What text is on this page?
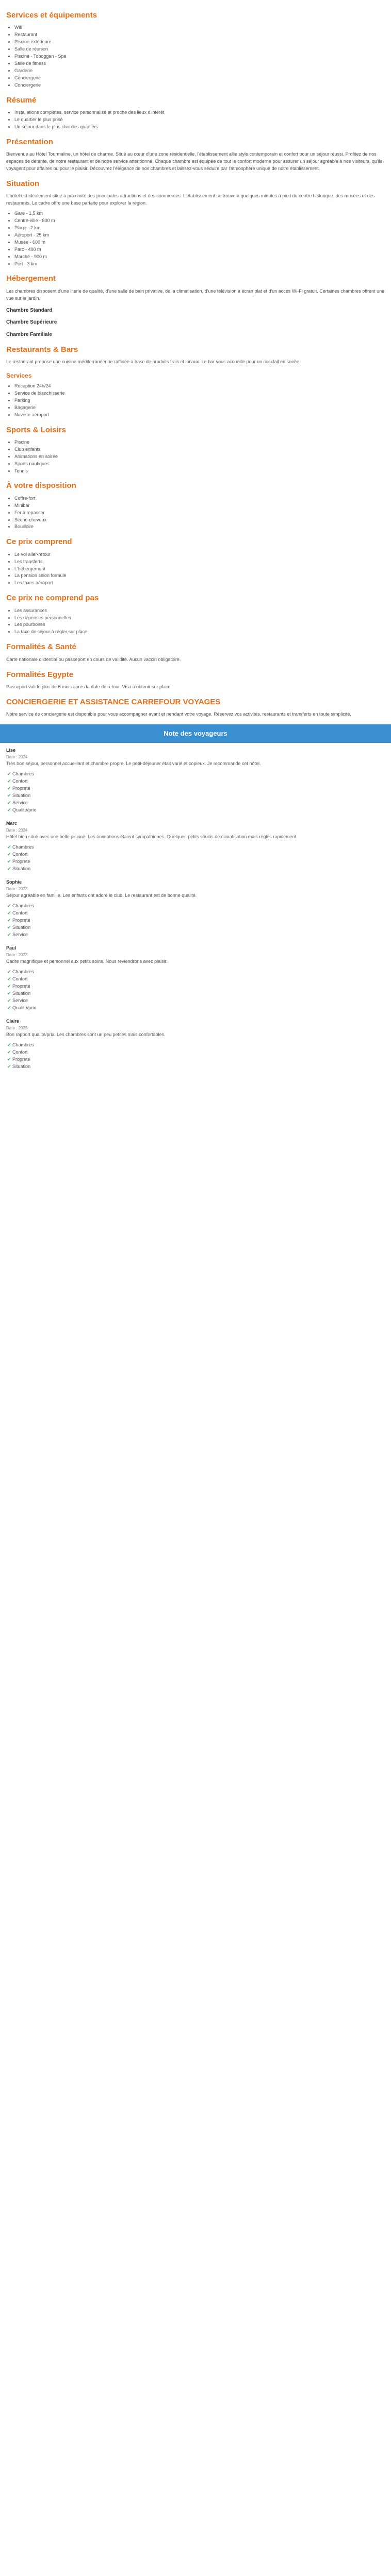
Services et équipements
• Wifi
• Restaurant
• Piscine extérieure
• Salle de réunion
• Piscine - Toboggan - Spa
• Salle de fitness
• Garderie
• Conciergerie
• Conciergerie
Résumé
• Installations complètes, service personnalisé et proche des lieux d'intérêt
• Le quartier le plus prisé
• Un séjour dans le plus chic des quartiers
Présentation

Bienvenue au Hôtel Tourmaline, un hôtel de charme. Situé au cœur d'une zone résidentielle, l'établissement allie style contemporain et confort pour un séjour réussi. Profitez de nos espaces de détente, de notre restaurant et de notre service attentionné. Chaque chambre est équipée de tout le confort moderne pour assurer un séjour agréable à nos visiteurs, qu'ils voyagent pour affaires ou pour le plaisir. Découvrez l'élégance de nos chambres et laissez-vous séduire par l'atmosphère unique de notre établissement.

Situation

L'hôtel est idéalement situé à proximité des principales attractions et des commerces. L'établissement se trouve à quelques minutes à pied du centre historique, des musées et des restaurants. Le cadre offre une base parfaite pour explorer la région.

• Gare - 1,5 km
• Centre-ville - 800 m
• Plage - 2 km
• Aéroport - 25 km
• Musée - 600 m
• Parc - 400 m
• Marché - 900 m
• Port - 3 km
Hébergement

Les chambres disposent d'une literie de qualité, d'une salle de bain privative, de la climatisation, d'une télévision à écran plat et d'un accès Wi-Fi gratuit. Certaines chambres offrent une vue sur le jardin.

Chambre Standard
Chambre Supérieure
Chambre Familiale
Restaurants & Bars

Le restaurant propose une cuisine méditerranéenne raffinée à base de produits frais et locaux. Le bar vous accueille pour un cocktail en soirée.

Services
• Réception 24h/24
• Service de blanchisserie
• Parking
• Bagagerie
• Navette aéroport
Sports & Loisirs
• Piscine
• Club enfants
• Animations en soirée
• Sports nautiques
• Tennis
À votre disposition
• Coffre-fort
• Minibar
• Fer à repasser
• Sèche-cheveux
• Bouilloire
Ce prix comprend
• Le vol aller-retour
• Les transferts
• L'hébergement
• La pension selon formule
• Les taxes aéroport
Ce prix ne comprend pas
• Les assurances
• Les dépenses personnelles
• Les pourboires
• La taxe de séjour à régler sur place
Formalités & Santé

Carte nationale d'identité ou passeport en cours de validité. Aucun vaccin obligatoire.

Formalités Egypte

Passeport valide plus de 6 mois après la date de retour. Visa à obtenir sur place.

CONCIERGERIE ET ASSISTANCE CARREFOUR VOYAGES

Notre service de conciergerie est disponible pour vous accompagner avant et pendant votre voyage. Réservez vos activités, restaurants et transferts en toute simplicité.

Note des voyageurs
Lise
Date : 2024

Très bon séjour, personnel accueillant et chambre propre. Le petit-déjeuner était varié et copieux. Je recommande cet hôtel.

✔ Chambres
✔ Confort
✔ Propreté
✔ Situation
✔ Service
✔ Qualité/prix
Marc
Date : 2024

Hôtel bien situé avec une belle piscine. Les animations étaient sympathiques. Quelques petits soucis de climatisation mais réglés rapidement.

✔ Chambres
✔ Confort
✔ Propreté
✔ Situation
Sophie
Date : 2023

Séjour agréable en famille. Les enfants ont adoré le club. Le restaurant est de bonne qualité.

✔ Chambres
✔ Confort
✔ Propreté
✔ Situation
✔ Service
Paul
Date : 2023

Cadre magnifique et personnel aux petits soins. Nous reviendrons avec plaisir.

✔ Chambres
✔ Confort
✔ Propreté
✔ Situation
✔ Service
✔ Qualité/prix
Claire
Date : 2023

Bon rapport qualité/prix. Les chambres sont un peu petites mais confortables.

✔ Chambres
✔ Confort
✔ Propreté
✔ Situation
